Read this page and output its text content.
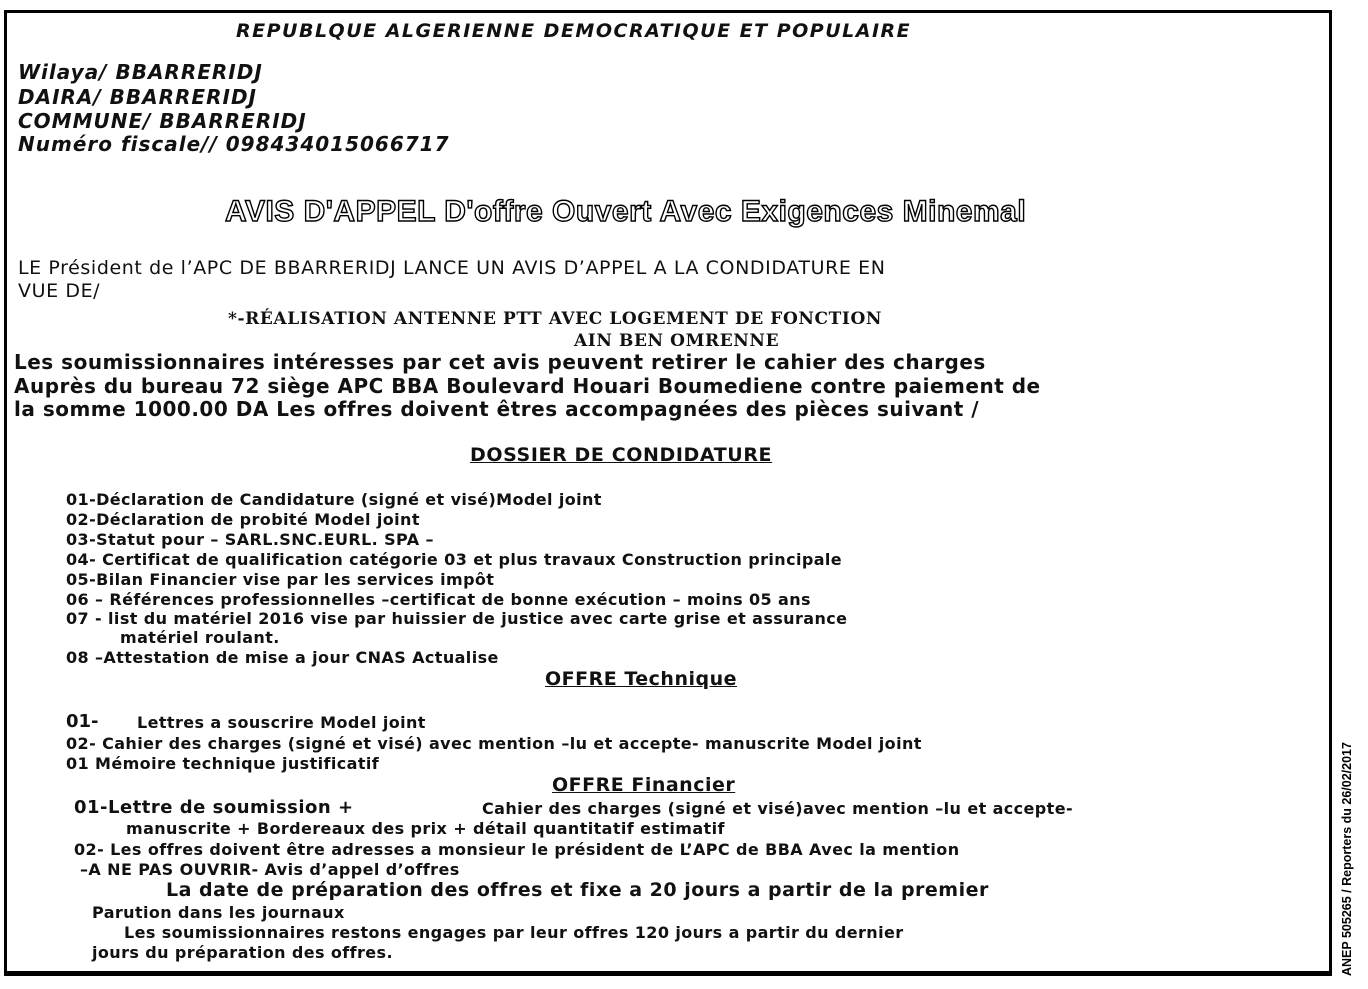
REPUBLQUE ALGERIENNE DEMOCRATIQUE ET POPULAIRE
Wilaya/ BBARRERIDJ
DAIRA/ BBARRERIDJ
COMMUNE/ BBARRERIDJ
Numéro fiscale// 098434015066717
AVIS D'APPEL D'offre Ouvert Avec Exigences Minemal
LE Président de l’APC DE BBARRERIDJ LANCE UN AVIS D’APPEL A LA CONDIDATURE EN
VUE DE/
*-RÉALISATION ANTENNE PTT AVEC LOGEMENT DE FONCTION
AIN BEN OMRENNE
Les soumissionnaires intéresses par cet avis peuvent retirer le cahier des charges
Auprès du bureau 72 siège APC BBA Boulevard Houari Boumediene contre paiement de
la somme 1000.00 DA Les offres doivent êtres accompagnées des pièces suivant /
DOSSIER DE CONDIDATURE
01-Déclaration de Candidature (signé et visé)Model joint
02-Déclaration de probité Model joint
03-Statut pour – SARL.SNC.EURL. SPA –
04- Certificat de qualification catégorie 03 et plus travaux Construction principale
05-Bilan Financier vise par les services impôt
06 – Références professionnelles –certificat de bonne exécution – moins 05 ans
07 - list du matériel 2016 vise par huissier de justice avec carte grise et assurance
matériel roulant.
08 –Attestation de mise a jour CNAS Actualise
OFFRE Technique
01- Lettres a souscrire Model joint
02- Cahier des charges (signé et visé) avec mention –lu et accepte- manuscrite Model joint
01 Mémoire technique justificatif
OFFRE Financier
01-Lettre de soumission +	Cahier des charges (signé et visé)avec mention –lu et accepte-
manuscrite + Bordereaux des prix + détail quantitatif estimatif
02- Les offres doivent être adresses a monsieur le président de L’APC de BBA Avec la mention
–A NE PAS OUVRIR- Avis d’appel d’offres
La date de préparation des offres et fixe a 20 jours a partir de la premier
Parution dans les journaux
Les soumissionnaires restons engages par leur offres 120 jours a partir du dernier
jours du préparation des offres.	ANEP 505265 / Reporters du 26/02/2017
